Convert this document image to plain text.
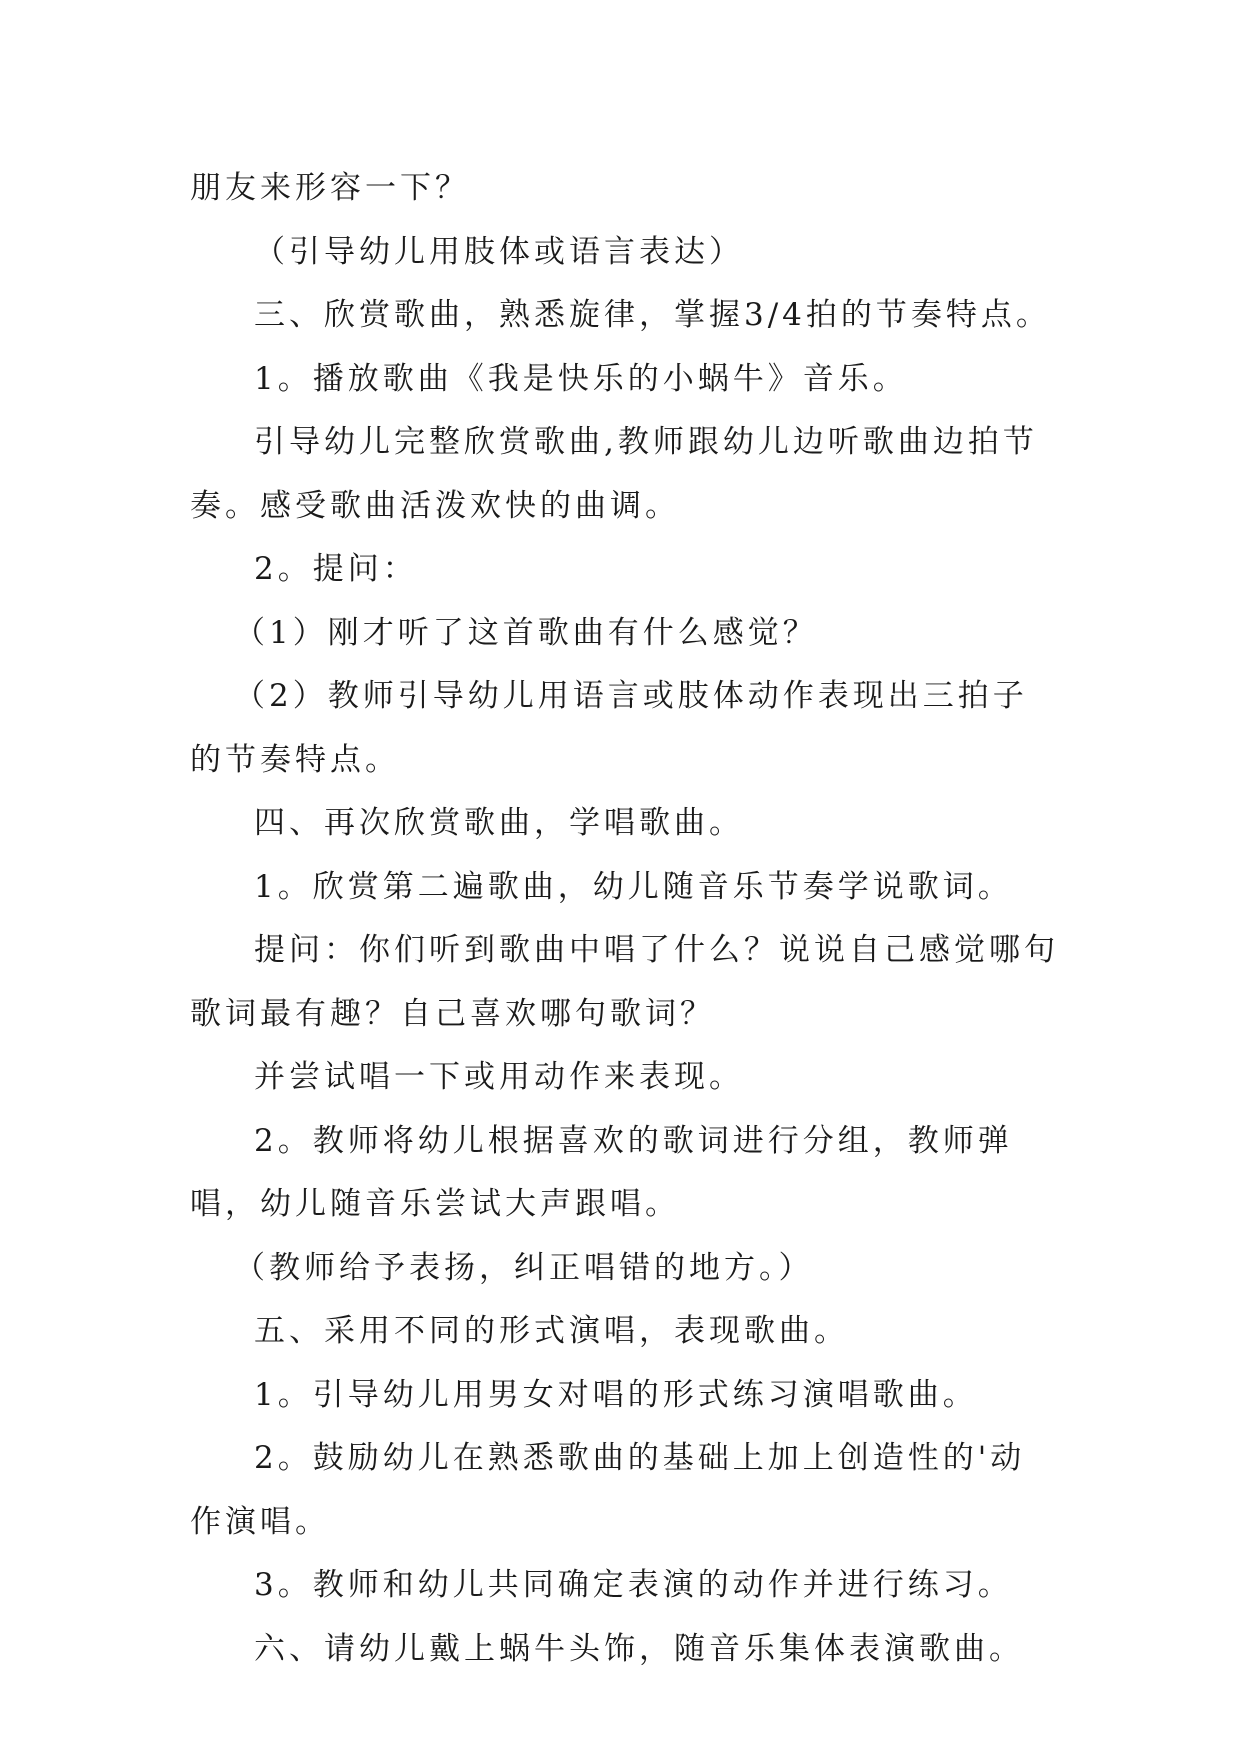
朋友来形容一下？

（引导幼儿用肢体或语言表达）

三、欣赏歌曲，熟悉旋律，掌握3/4拍的节奏特点。

1。播放歌曲《我是快乐的小蜗牛》音乐。

引导幼儿完整欣赏歌曲,教师跟幼儿边听歌曲边拍节奏。感受歌曲活泼欢快的曲调。

2。提问：

（1）刚才听了这首歌曲有什么感觉？

（2）教师引导幼儿用语言或肢体动作表现出三拍子的节奏特点。

四、再次欣赏歌曲，学唱歌曲。

1。欣赏第二遍歌曲，幼儿随音乐节奏学说歌词。

提问：你们听到歌曲中唱了什么？说说自己感觉哪句歌词最有趣？自己喜欢哪句歌词？

并尝试唱一下或用动作来表现。

2。教师将幼儿根据喜欢的歌词进行分组，教师弹唱，幼儿随音乐尝试大声跟唱。

（教师给予表扬，纠正唱错的地方。）

五、采用不同的形式演唱，表现歌曲。

1。引导幼儿用男女对唱的形式练习演唱歌曲。

2。鼓励幼儿在熟悉歌曲的基础上加上创造性的'动作演唱。

3。教师和幼儿共同确定表演的动作并进行练习。

六、请幼儿戴上蜗牛头饰，随音乐集体表演歌曲。
